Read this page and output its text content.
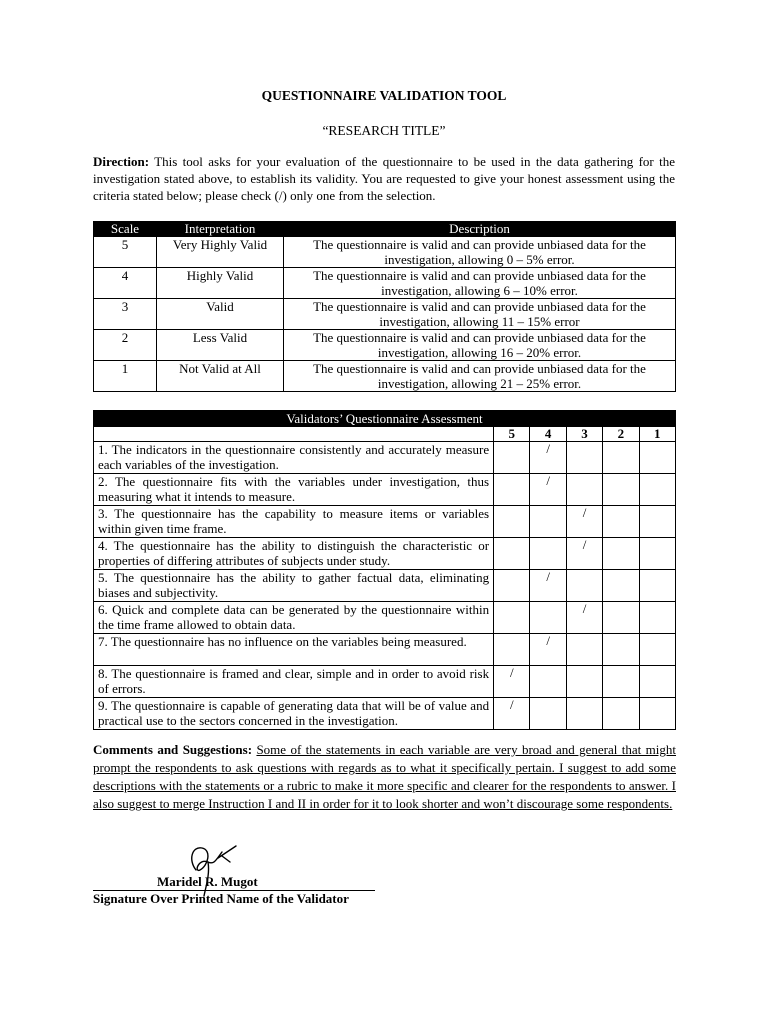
QUESTIONNAIRE VALIDATION TOOL
“RESEARCH TITLE”
Direction: This tool asks for your evaluation of the questionnaire to be used in the data gathering for the investigation stated above, to establish its validity. You are requested to give your honest assessment using the criteria stated below; please check (/) only one from the selection.
Scale	Interpretation	Description
5	Very Highly Valid	The questionnaire is valid and can provide unbiased data for the investigation, allowing 0 – 5% error.
4	Highly Valid	The questionnaire is valid and can provide unbiased data for the investigation, allowing 6 – 10% error.
3	Valid	The questionnaire is valid and can provide unbiased data for the investigation, allowing 11 – 15% error
2	Less Valid	The questionnaire is valid and can provide unbiased data for the investigation, allowing 16 – 20% error.
1	Not Valid at All	The questionnaire is valid and can provide unbiased data for the investigation, allowing 21 – 25% error.
Validators’ Questionnaire Assessment					
	5	4	3	2	1
1. The indicators in the questionnaire consistently and accurately measure each variables of the investigation.		/			
2. The questionnaire fits with the variables under investigation, thus measuring what it intends to measure.		/			
3. The questionnaire has the capability to measure items or variables within given time frame.			/		
4. The questionnaire has the ability to distinguish the characteristic or properties of differing attributes of subjects under study.			/		
5. The questionnaire has the ability to gather factual data, eliminating biases and subjectivity.		/			
6. Quick and complete data can be generated by the questionnaire within the time frame allowed to obtain data.			/		
7. The questionnaire has no influence on the variables being measured.		/			
8. The questionnaire is framed and clear, simple and in order to avoid risk of errors.	/				
9. The questionnaire is capable of generating data that will be of value and practical use to the sectors concerned in the investigation.	/				
Comments and Suggestions: Some of the statements in each variable are very broad and general that might prompt the respondents to ask questions with regards as to what it specifically pertain. I suggest to add some descriptions with the statements or a rubric to make it more specific and clearer for the respondents to answer. I also suggest to merge Instruction I and II in order for it to look shorter and won’t discourage some respondents.
Maridel R. Mugot
Signature Over Printed Name of the Validator
